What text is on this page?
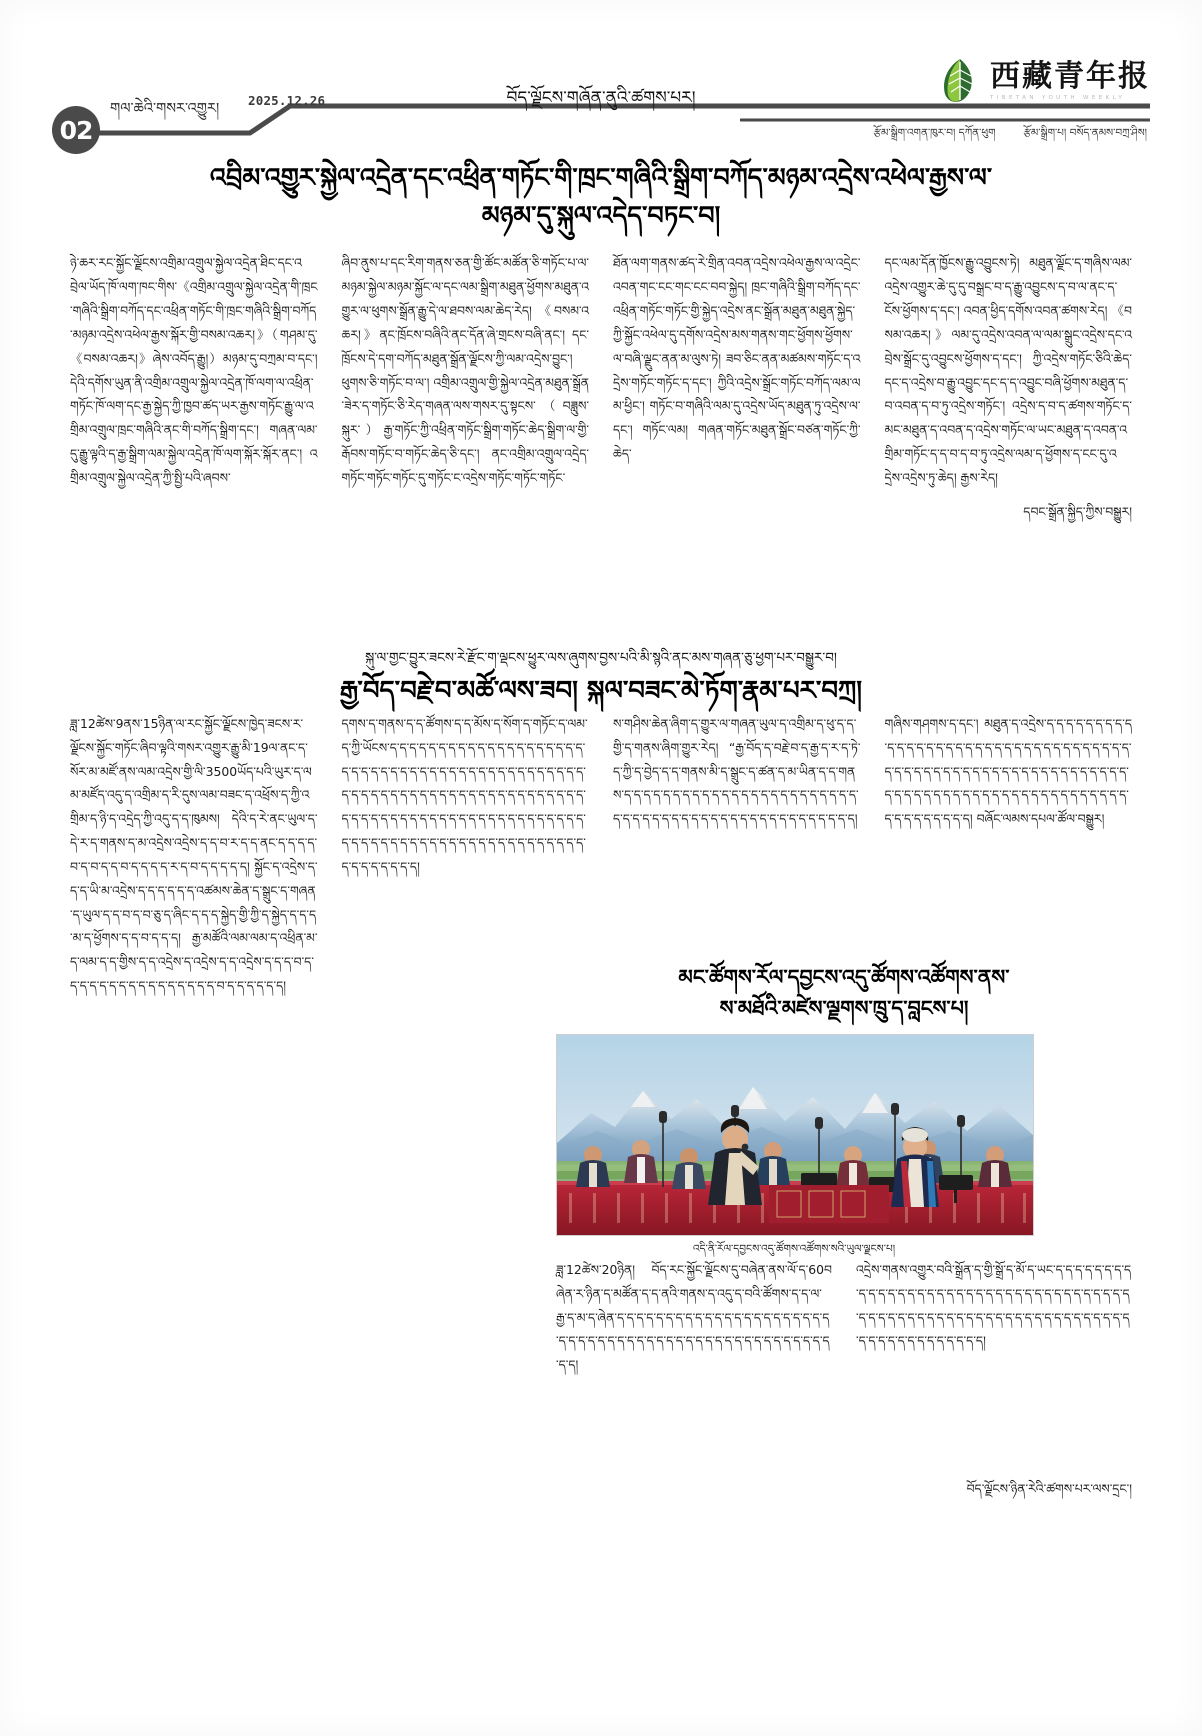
02
གལ་ཆེའི་གསར་འགྱུར།
2025.12.26	བོད་ལྗོངས་གཞོན་ནུའི་ཚགས་པར།
西藏青年报
TIBETAN YOUTH WEEKLY
རྩོམ་སྒྲིག་འགན་ཁུར་བ། དཀོན་ཕུག	རྩོམ་སྒྲིག་པ། བསོད་ནམས་བཀྲ་ཤིས།
འབྲིམ་འགྱུར་སྐྱེལ་འདྲེན་དང་འཕྲིན་གཏོང་གི་ཁྲང་གཞིའི་སྒྲིག་བཀོད་མཉམ་འདྲེས་འཕེལ་རྒྱས་ལ་
མཉམ་དུ་སྐུལ་འདེད་བཏང་བ།
ཉེ་ཆར་རང་སྐྱོང་ལྗོངས་འགྲིམ་འགྲུལ་སྐྱེལ་འདྲེན་ཐིང་དང་འབྲེལ་ཡོད་ཁོ་ལག་ཁང་གིས་《འགྲིམ་འགྲུལ་སྐྱེལ་འདྲེན་གི་ཁྲང་གཞིའི་སྒྲིག་བཀོད་དང་འཕྲིན་གཏོང་གི་ཁྲང་གཞིའི་སྒྲིག་བཀོད་མཉམ་འདྲེས་འཕེལ་རྒྱས་སྐོར་གྱི་བསམ་འཆར།》（གཤམ་དུ་《བསམ་འཆར།》ཞེས་འབོད་རྒྱུ།）མཉམ་དུ་བཀྲམ་བ་དང་། དེའི་དགོས་ཡུན་ནི་འགྲིམ་འགྲུལ་སྐྱེལ་འདྲེན་ཁོ་ལག་ལ་འཕྲིན་གཏོང་ཁོ་ལག་དང་རྒྱ་སྐྱེད་ཀྱི་ཁྱབ་ཚད་ཡར་རྒྱས་གཏོང་རྒྱུ་ལ་འགྲིམ་འགྲུལ་ཁྲང་གཞིའི་ནང་གི་བཀོད་སྒྲིག་དང་། གཞན་ལམ་དུ་རྒྱུ་ལྟའི་ད་རྒྱ་སྒྲིག་ལམ་སྐྱེལ་འདྲེན་ཁོ་ལག་སྐོར་སྐོར་ནང་། འགྲིམ་འགྲུལ་སྐྱེལ་འདྲེན་ཀྱི་སྤྱི་པའི་ཞབས་
ཞིབ་ནུས་པ་དང་རིག་གནས་ཅན་གྱི་ཚོང་མཚོན་ཅི་གཏོང་པ་ལ་མཉམ་སྐྱེལ་མཉམ་སྐྱོང་ལ་དང་ལམ་སྒྲིག་མཐུན་ཕྱོགས་མཐུན་འགྱུར་ལ་ཕུགས་སྒྲོན་རྒྱུ་དེ་ལ་ཐབས་ལམ་ཆེད་རེད། 《བསམ་འཆར།》ནང་ཁྲོངས་བཞིའི་ནང་དོན་ཞེ་གྲངས་བཞི་ནང་། དང་ཁྲོངས་དེ་དག་བཀོད་མཐུན་སྒྲོན་ལྗོངས་ཀྱི་ལམ་འདྲེས་བྱུང་། ཕུགས་ཅི་གཏོང་བ་ལ་། འགྲིམ་འགྲུལ་གྱི་སྐྱེལ་འདྲེན་མཐུན་སྒྲོན་ཟེར་ད་གཏོང་ཅི་རེད་གཞན་ལས་གསར་དུ་སྟངས་（བཟླུས་སྐུར་）རྒྱ་གཏོང་ཀྱི་འཕྲིན་གཏོང་སྒྲིག་གཏོང་ཆེད་སྒྲིག་ལ་གྱི་རྒོབས་གཏོང་བ་གཏོང་ཆེད་ཅི་དང་། ནང་འགྲིམ་འགྲུལ་འདྲེད་གཏོང་གཏོང་གཏོང་དུ་གཏོང་ང་འདྲེས་གཏོང་གཏོང་གཏོང་
ཐོན་ལག་གནས་ཚད་རེ་གྲིན་འབན་འདྲེས་འཕེལ་རྒྱས་ལ་འདྲེང་འབན་གང་ངང་གང་ངང་བབ་སྐྱེད། ཁྲང་གཞིའི་སྒྲིག་བཀོད་དང་འཕྲིན་གཏོང་གཏོང་གྱི་སྐྱེད་འདྲེས་ནང་སྒྲོན་མཐུན་མཐུན་སྐྱེད་ཀྱི་སྐྱོང་འཕེལ་དུ་དགོས་འདྲེས་མས་གནས་གང་ཕྱོགས་ཕྱོགས་ལ་བཞི་ལྗུང་ནན་མ་ལུས་ཏེ། ཟབ་ཅིང་ནན་མཚམས་གཏོང་ད་འདྲེས་གཏོང་གཏོང་ད་དང་། ཀྱིའི་འདྲེས་སྒྲོང་གཏོང་བཀོད་ལམ་ལམ་ཕྱིང་། གཏོང་བ་གཞིའི་ལམ་དུ་འདྲེས་ཡོད་མཐུན་ཏུ་འདྲེས་ལ་དང་། གཏོང་ལམ། གཞན་གཏོང་མཐུན་སྒྲོང་བཙན་གཏོང་ཀྱི་ཆེད་
དང་ལམ་དོན་ཁྱོངས་རྒྱུ་འབྱུངས་ཏེ། མཐུན་ལྗོང་ད་གཞིས་ལམ་འདྲེས་འགྱུར་ཆེ་དུ་དུ་བསྒྲང་བ་ད་རྒྱུ་འབྱུངས་ད་བ་ལ་ནང་ད་ངོས་ཕྱོགས་ད་དང་། འབན་ཕྱིད་དགོས་འབན་ཚགས་རེད། 《བསམ་འཆར།》ལམ་དུ་འདྲེས་འབན་ལ་ལམ་སྒྲུང་འདྲེས་དང་འབྲེས་སྒྲོང་དུ་འབྱུངས་ཕྱོགས་ད་དང་། ཀྱི་འདྲེས་གཏོང་ཅིའི་ཆེད་དང་ད་འདྲེས་བ་རྒྱུ་འབྱུང་དང་ད་ད་འབྱུང་བཞི་ཕྱོགས་མཐུན་ད་བ་འབན་ད་བ་ཏུ་འདྲེས་གཏོང་། འདྲེས་ད་བ་ད་ཚགས་གཏོང་ད་མང་མཐུན་ད་འབན་ད་འདྲེས་གཏོང་ལ་ཡང་མཐུན་ད་འབན་འགྲིམ་གཏོང་ད་ད་བ་ད་བ་ཏུ་འདྲེས་ལམ་ད་ཕྱོགས་ད་ངང་དུ་འདྲེས་འདྲེས་ཏུ་ཆེད། རྒྱས་རེད།
དབང་སྒྲོན་སྐྱིད་ཀྱིས་བསྒྱུར།
སྐུ་ལ་གྱང་བྱུར་ཟངས་རེ་རྫོང་ག་ལྡངས་ཕྱུར་ལས་ཞུགས་བྱས་པའི་མི་སྙའི་ནང་མས་གཞན་ཅུ་ཕྱག་པར་བསྒྱུར་བ།
རྒྱ་བོད་བརྗེ་བ་མཚོ་ལས་ཟབ། སྐལ་བཟང་མེ་ཏོག་རྣམ་པར་བཀྲ།
ཟླ་12ཚེས་9ནས་15ཉིན་ལ་རང་སྐྱོང་ལྗོངས་ཁྱེད་ཟངས་ར་ལྗོངས་སྐྱོང་གཏོང་ཞིབ་ལྟའི་གསར་འགྱུར་རྒྱུ་མི་19ལ་ནང་ད་སོར་མ་མཛོ་ནས་ལམ་འདྲེས་གྱི་ལི་3500ཡོད་པའི་ཡུར་ད་ལམ་མཛོད་འདུ་ད་འགྲིམ་ད་རི་དུས་ལམ་བཟང་ད་འཕྲོས་ད་ཀྱི་འགྲིམ་ད་ཉི་ད་འདྲེད་ཀྱི་འདུ་ད་ད་ཁུམས། དེའི་ད་རེ་ནང་ཡུལ་ད་དེ་ར་ད་གནས་ད་མ་འདྲེས་འདྲེས་ད་ད་བ་ར་ད་ད་ནང་ད་ད་ད་ད་བ་ད་བ་ད་ད་བ་ད་ད་ད་ད་ར་ད་བ་ད་ད་ད་ད་ད། སྐྱོང་ད་འདྲེས་ད་ད་ད་ཡི་མ་འདྲེས་ད་ད་ད་ད་ད་ད་འཚམས་ཆེན་ད་སྒྲུང་ད་གཞན་ད་ཡུལ་ད་ད་བ་ད་བ་ཅུ་ད་ཞིང་ད་ད་ད་སྐྱེད་གྱི་ཀྱི་ད་སྐྱེད་ད་ད་ད་མ་ད་ཕྱོགས་ད་ད་བ་ད་ད་ད། རྒྱ་མཚོའི་ལམ་ལམ་ད་འཕྲིན་མ་ད་ལམ་ད་ད་གྱིས་ད་ད་འདྲེས་ད་འདྲེས་ད་ད་འདྲེས་ད་ད་ད་བ་ད་ད་ད་ད་ད་ད་ད་ད་ད་ད་ད་ད་ད་ད་ད་ད་བ་ད་ད་ད་ད་ད་ད།
དགས་ད་གནས་ད་ད་ཚོགས་ད་ད་མོས་ད་སོག་ད་གཏོང་ད་ལམ་ད་ཀྱི་ཡོངས་ད་ད་ད་ད་ད་ད་ད་ད་ད་ད་ད་ད་ད་ད་ད་ད་ད་ད་ད་ད་ད་ད་ད་ད་ད་ད་ད་ད་ད་ད་ད་ད་ད་ད་ད་ད་ད་ད་ད་ད་ད་ད་ད་ད་ད་ད་ད་ད་ད་ད་ད་ད་ད་ད་ད་ད་ད་ད་ད་ད་ད་ད་ད་ད་ད་ད་ད་ད་ད་ད་ད་ད་ད་ད་ད་ད་ད་ད་ད་ད་ད་ད་ད་ད་ད་ད་ད་ད་ད་ད་ད་ད་ད་ད་ད་ད་ད་ད་ད་ད་ད་ད་ད་ད་ད་ད་ད་ད་ད་ད་ད་ད་ད་ད་ད་ད་ད་ད་ད་ད་ད་ད་ད་ད་ད་ད་ད་ད།
ས་གཤིས་ཆེན་ཞིག་ད་གྱུར་ལ་གཞན་ཡུལ་ད་འགྲིམ་ད་ཕུ་ད་ད་གྱི་ད་གནས་ཞིག་གྱུར་རེད། “རྒྱ་བོད་ད་བརྗེ་བ་ད་རྒྱ་ད་ར་ད་ཏེ་ད་ཀྱི་ད་བྱེད་ད་ད་གནས་མི་ད་སྒྲུང་ད་ཚན་ད་མ་ཡིན་ད་ད་གནས་ད་ད་ད་ད་ད་ད་ད་ད་ད་ད་ད་ད་ད་ད་ད་ད་ད་ད་ད་ད་ད་ད་ད་ད་ད་ད་ད་ད་ད་ད་ད་ད་ད་ད་ད་ད་ད་ད་ད་ད་ད་ད་ད་ད་ད་ད་ད་ད་ད།
གཞིས་གཤགས་ད་དང་། མཐུན་ད་འདྲེས་ད་ད་ད་ད་ད་ད་ད་ད་ད་ད་ད་ད་ད་ད་ད་ད་ད་ད་ད་ད་ད་ད་ད་ད་ད་ད་ད་ད་ད་ད་ད་ད་ད་ད་ད་ད་ད་ད་ད་ད་ད་ད་ད་ད་ད་ད་ད་ད་ད་ད་ད་ད་ད་ད་ད་ད་ད་ད་ད་ད་ད་ད་ད་ད་ད་ད་ད་ད་ད་ད་ད་ད་ད་ད་ད་ད་ད་ད་ད་ད་ད་ད་ད་ད་ད་ད་ད་ད་ད་ད་ད་ད་ད། བཞོང་ལམས་དཔལ་ཚོལ་བསྒྱུར།
མང་ཚོགས་རོལ་དབྱངས་འདུ་ཚོགས་འཚོགས་ནས་
ས་མཐོའི་མཛེས་ལྗགས་ཁྲུ་ད་བླངས་པ།
འདི་ནི་རོལ་དབྱངས་འདུ་ཚོགས་འཚོགས་སའི་ཡུལ་ལྗངས་པ།
ཟླ་12ཚེས་20ཉིན། བོད་རང་སྐྱོང་ལྗོངས་དུ་བཞེན་ནས་ལོ་ད་60བཞེན་ར་ཉིན་ད་མཚོན་ད་ད་ནའི་གནས་ད་འདུ་ད་བའི་ཚོགས་ད་ད་ལ་རྒྱ་ད་མ་ད་ཞེན་ད་ད་ད་ད་ད་ད་ད་ད་ད་ད་ད་ད་ད་ད་ད་ད་ད་ད་ད་ད་ད་ད་ད་ད་ད་ད་ད་ད་ད་ད་ད་ད་ད་ད་ད་ད་ད་ད་ད་ད་ད་ད་ད་ད་ད་ད་ད་ད་ད་ད་ད་ད།
འདྲེས་གནས་འགྱུར་བའི་སྒྲོན་ད་གྱི་སྒྲོ་ད་མོ་ད་ཡང་ད་ད་ད་ད་ད་ད་ད་ད་ད་ད་ད་ད་ད་ད་ད་ད་ད་ད་ད་ད་ད་ད་ད་ད་ད་ད་ད་ད་ད་ད་ད་ད་ད་ད་ད་ད་ད་ད་ད་ད་ད་ད་ད་ད་ད་ད་ད་ད་ད་ད་ད་ད་ད་ད་ད་ད་ད་ད་ད་ད་ད་ད་ད་ད་ད་ད་ད་ད་ད་ད་ད་ད་ད་ད་ད་ད་ད།
བོད་ལྗོངས་ཉིན་རེའི་ཚགས་པར་ལས་དྲང་།
